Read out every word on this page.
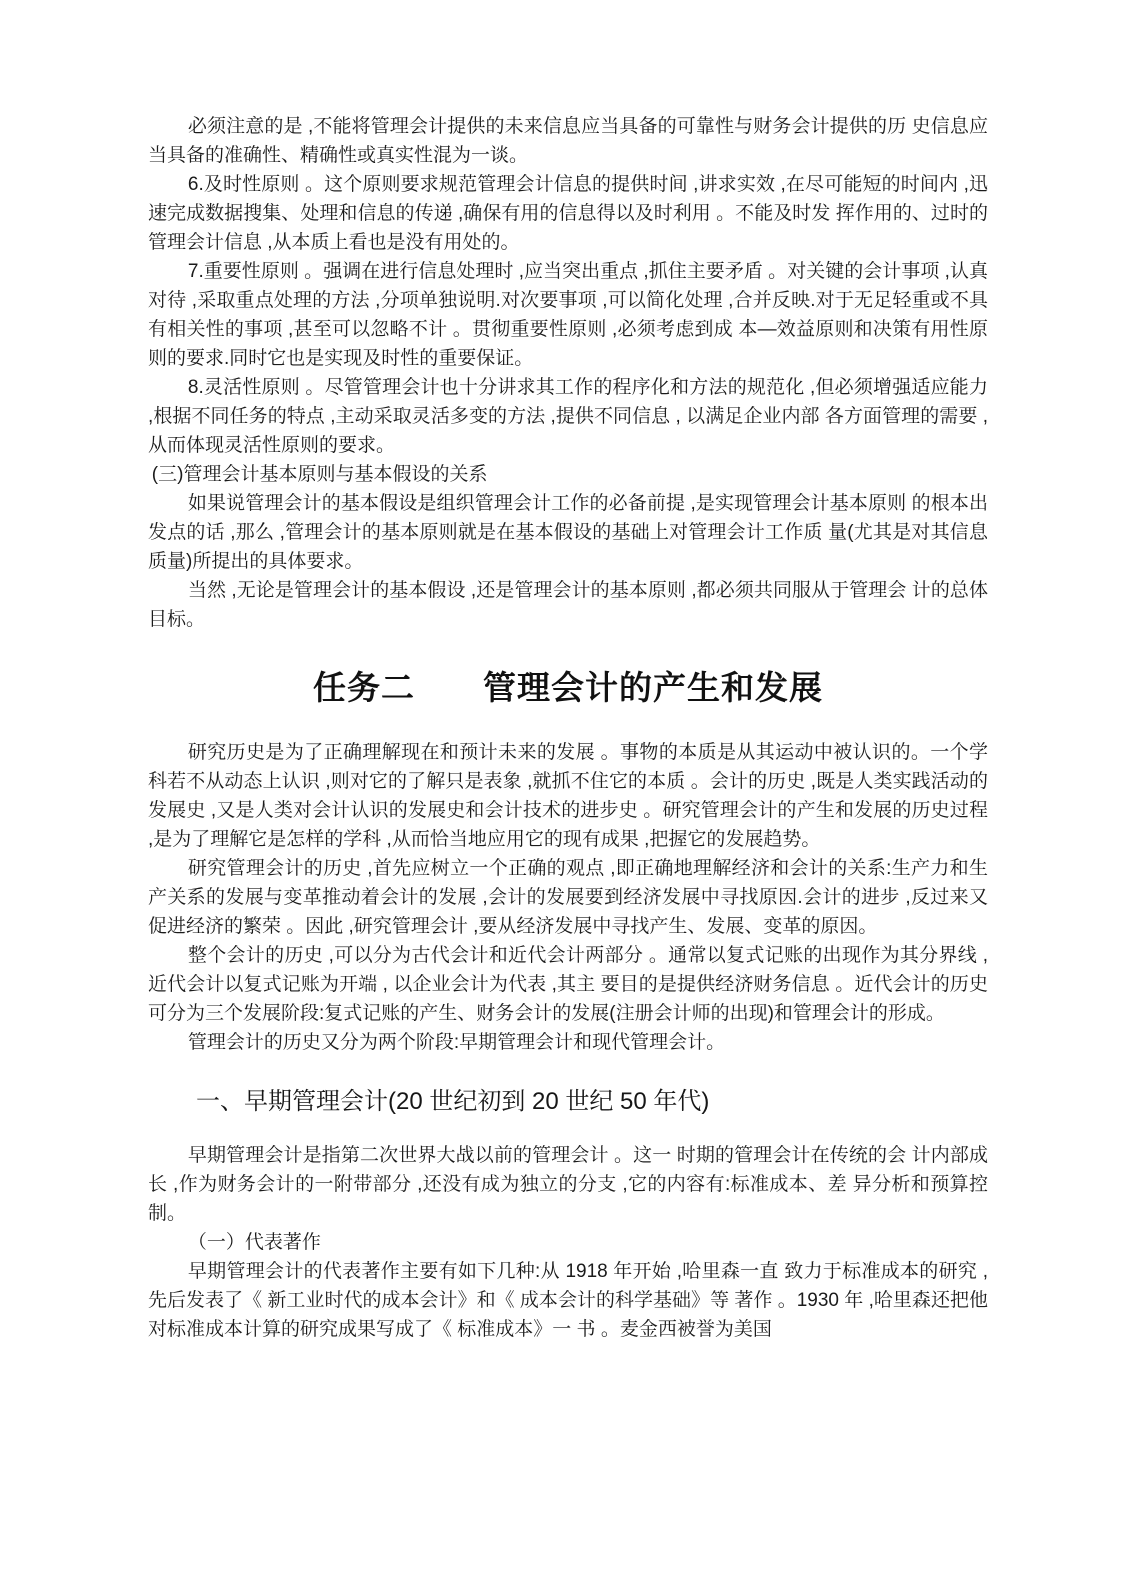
必须注意的是 ,不能将管理会计提供的未来信息应当具备的可靠性与财务会计提供的历 史信息应当具备的准确性、精确性或真实性混为一谈。

6.及时性原则 。这个原则要求规范管理会计信息的提供时间 ,讲求实效 ,在尽可能短的时间内 ,迅速完成数据搜集、处理和信息的传递 ,确保有用的信息得以及时利用 。不能及时发 挥作用的、过时的管理会计信息 ,从本质上看也是没有用处的。

7.重要性原则 。强调在进行信息处理时 ,应当突出重点 ,抓住主要矛盾 。对关键的会计事项 ,认真对待 ,采取重点处理的方法 ,分项单独说明.对次要事项 ,可以简化处理 ,合并反映.对于无足轻重或不具有相关性的事项 ,甚至可以忽略不计 。贯彻重要性原则 ,必须考虑到成 本—效益原则和决策有用性原则的要求.同时它也是实现及时性的重要保证。

8.灵活性原则 。尽管管理会计也十分讲求其工作的程序化和方法的规范化 ,但必须增强适应能力 ,根据不同任务的特点 ,主动采取灵活多变的方法 ,提供不同信息 , 以满足企业内部 各方面管理的需要 ,从而体现灵活性原则的要求。

(三)管理会计基本原则与基本假设的关系

如果说管理会计的基本假设是组织管理会计工作的必备前提 ,是实现管理会计基本原则 的根本出发点的话 ,那么 ,管理会计的基本原则就是在基本假设的基础上对管理会计工作质 量(尤其是对其信息质量)所提出的具体要求。

当然 ,无论是管理会计的基本假设 ,还是管理会计的基本原则 ,都必须共同服从于管理会 计的总体目标。

任务二　　管理会计的产生和发展

研究历史是为了正确理解现在和预计未来的发展 。事物的本质是从其运动中被认识的。一个学科若不从动态上认识 ,则对它的了解只是表象 ,就抓不住它的本质 。会计的历史 ,既是人类实践活动的发展史 ,又是人类对会计认识的发展史和会计技术的进步史 。研究管理会计的产生和发展的历史过程 ,是为了理解它是怎样的学科 ,从而恰当地应用它的现有成果 ,把握它的发展趋势。

研究管理会计的历史 ,首先应树立一个正确的观点 ,即正确地理解经济和会计的关系:生产力和生产关系的发展与变革推动着会计的发展 ,会计的发展要到经济发展中寻找原因.会计的进步 ,反过来又促进经济的繁荣 。因此 ,研究管理会计 ,要从经济发展中寻找产生、发展、变革的原因。

整个会计的历史 ,可以分为古代会计和近代会计两部分 。通常以复式记账的出现作为其分界线 ,近代会计以复式记账为开端 , 以企业会计为代表 ,其主 要目的是提供经济财务信息 。近代会计的历史可分为三个发展阶段:复式记账的产生、财务会计的发展(注册会计师的出现)和管理会计的形成。

管理会计的历史又分为两个阶段:早期管理会计和现代管理会计。

一、早期管理会计(20 世纪初到 20 世纪 50 年代)

早期管理会计是指第二次世界大战以前的管理会计 。这一 时期的管理会计在传统的会 计内部成长 ,作为财务会计的一附带部分 ,还没有成为独立的分支 ,它的内容有:标准成本、差 异分析和预算控制。

（一）代表著作

早期管理会计的代表著作主要有如下几种:从 1918 年开始 ,哈里森一直 致力于标准成本的研究 ,先后发表了《 新工业时代的成本会计》和《 成本会计的科学基础》等 著作 。1930 年 ,哈里森还把他对标准成本计算的研究成果写成了《 标准成本》一 书 。麦金西被誉为美国
